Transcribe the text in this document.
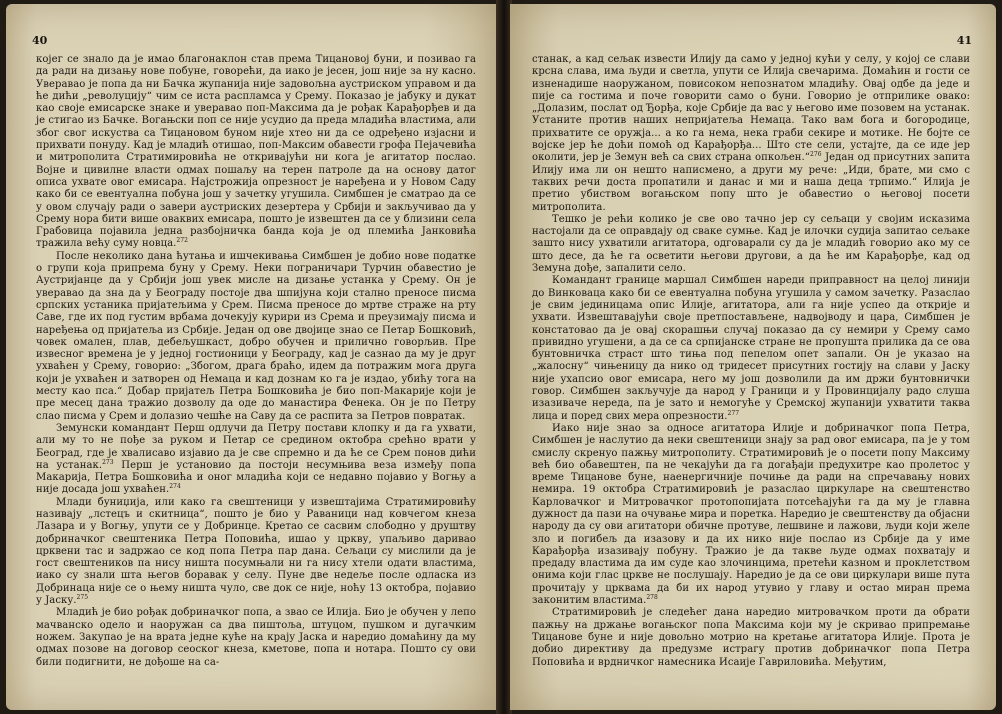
40

којег се знало да је имао благонаклон став према Тицановој буни, и позивао га да ради на дизању нове побуне, говорећи, да иако је јесен, још није за ну касно. Уверавао је попа да ни Бачка жупанија није задовољна аустриском управом и да ће дићи „револуцију“ чим се иста распламса у Срему. Показао је јабуку и дукат као своје емисарске знаке и уверавао поп-Максима да је рођак Карађорђев и да је стигао из Бачке. Вогањски поп се није усудио да преда младића властима, али због свог искуства са Тицановом буном није хтео ни да се одређено изјасни и прихвати понуду. Кад је младић отишао, поп-Максим обавести грофа Пејачевића и митрополита Стратимировића не откривајући ни кога је агитатор послао. Војне и цивилне власти одмах пошаљу на терен патроле да на основу датог описа ухвате овог емисара. Најстрожија опрезност је наређена и у Новом Саду како би се евентуална побуна још у зачетку угушила. Симбшен је сматрао да се у овом случају ради о завери аустриских дезертера у Србији и закључивао да у Срему нора бити више оваквих емисара, пошто је извештен да се у близини села Грабовица појавила једна разбојничка банда која је од племића Јанковића тражила већу суму новца.$^{272}$

После неколико дана ћутања и ишчекивања Симбшен је добио нове податке о групи која припрема буну у Срему. Неки пограничари Турчин обавестио је Аустријанце да у Србији још увек мисле на дизање устанка у Срему. Он је уверавао да зна да у Београду постоје два шпијуна који стално преносе писма српских устаника пријатељима у Срем. Писма преносе до мртве страже на рту Саве, где их под густим врбама дочекују курири из Срема и преузимају писма и наређења од пријатеља из Србије. Један од ове двојице знао се Петар Бошковић, човек омален, плав, дебељушкаст, добро обучен и прилично говорљив. Пре извесног времена је у једној гостионици у Београду, кад је сазнао да му је друг ухваћен у Срему, говорио: „Збогом, драга браћо, идем да потражим мога друга који је ухваћен и затворен од Немаца и кад дознам ко га је издао, убићу тога на месту као пса.“ Добар пријатељ Петра Бошковића је био поп-Макарије који је пре месец дана тражио дозволу да оде до манастира Фенека. Он је по Петру слао писма у Срем и долазио чешће на Саву да се распита за Петров повратак.

Земунски командант Перш одлучи да Петру постави клопку и да га ухвати, али му то не пође за руком и Петар се средином октобра срећно врати у Београд, где је хвалисаво изјавио да је све спремно и да ће се Срем понов дићи на устанак.$^{273}$ Перш је установио да постоји несумњива веза између попа Макарија, Петра Бошковића и оног младића који се недавно појавио у Вогњу а није досада још ухваћен.$^{274}$

Млади буниџија, или како га свештеници у извештајима Стратимировићу називају „лстецъ и скитница“, пошто је био у Раваници над ковчегом кнеза Лазара и у Вогњу, упути се у Добринце. Кретао се сасвим слободно у друштву добриначког свештеника Петра Поповића, ишао у цркву, упаљиво даривао црквени тас и задржао се код попа Петра пар дана. Сељаци су мислили да је гост свештеников па нису ништа посумњали ни га нису хтели одати властима, иако су знали шта његов боравак у селу. Пуне две недеље после одласка из Добринаца није се о њему ништа чуло, све док се није, ноћу 13 октобра, појавио у Јаску.$^{275}$

Младић је био рођак добриначког попа, а звао се Илија. Био је обучен у лепо мачванско одело и наоружан са два пиштоља, штуцом, пушком и дугачким ножем. Закупао је на врата једне куће на крају Јаска и наредио домаћину да му одмах позове на договор сеоског кнеза, кметове, попа и нотара. Пошто су ови били подигнити, не дођоше на са-

41

станак, а кад сељак извести Илију да само у једној кући у селу, у којој се слави крсна слава, има људи и светла, упути се Илија свечарима. Домаћин и гости се изненадише наоружаном, повисоком непознатом младићу. Овај одбе да једе и пије са гостима и поче говорити само о буни. Говорио је отприлике овако: „Долазим, послат од Ђорђа, које Србије да вас у његово име позовем на устанак. Устаните против наших непријатеља Немаца. Тако вам бога и богородице, прихватите се оружја... а ко га нема, нека граби секире и мотике. Не бојте се војске јер ће доћи помоћ од Карађорђа... Што сте сели, устајте, да се иде јер околити, јер је Земун већ са свих страна опкољен.“$^{276}$ Један од присутних запита Илију има ли он нешто написмено, а други му рече: „Иди, брате, ми смо с таквих речи доста пропатили и данас и ми и наша деца трпимо.“ Илија је претио убиством вогањском попу што је обавестио о његовој посети митрополита.

Тешко је рећи колико је све ово тачно јер су сељаци у својим исказима настојали да се оправдају од сваке сумње. Кад је илочки судија запитао сељаке зашто нису ухватили агитатора, одговарали су да је младић говорио ако му се што десе, да ће га осветити његови другови, а да ће им Карађорђе, кад од Земуна дође, запалити село.

Командант границе маршал Симбшен нареди приправност на целој линији до Винковаца како би се евентуална побуна угушила у самом зачетку. Разаслао је свим јединицама опис Илије, агитатора, али га није успео да открије и ухвати. Извештавајући своје претпостављене, надвојводу и цара, Симбшен је констатовао да је овај скорашњи случај показао да су немири у Срему само привидно угушени, а да се са српијанске стране не пропушта прилика да се ова бунтовничка страст што тиња под пепелом опет запали. Он је указао на „жалосну“ чињеницу да нико од тридесет присутних гостију на слави у Јаску није ухапсио овог емисара, него му још дозволили да им држи бунтовнички говор. Симбшен закључује да народ у Граници и у Провинцијалу радо слуша изазиваче нереда, па је зато и немогуће у Сремској жупанији ухватити таква лица и поред свих мера опрезности.$^{277}$

Иако није знао за односе агитатора Илије и добриначког попа Петра, Симбшен је наслутио да неки свештеници знају за рад овог емисара, па је у том смислу скренуо пажњу митрополиту. Стратимировић је о посети попу Максиму већ био обавештен, па не чекајући да га догађаји предухитре као пролетос у време Тицанове буне, наенергичније почиње да ради на спречавању нових немира. 19 октобра Стратимировић је разаслао циркуларе на свештенство Карловачког и Митровачког протопопијата потсећајући га да му је главна дужност да пази на очување мира и поретка. Наредио је свештенству да објасни народу да су ови агитатори обичне протуве, лешвине и лажови, људи који желе зло и погибељ да изазову и да их нико није послао из Србије да у име Карађорђа изазивају побуну. Тражио је да такве људе одмах похватају и предаду властима да им суде као злочинцима, претећи казном и проклетством онима који глас цркве не послушају. Наредио је да се ови циркулари више пута прочитају у црквама да би их народ утувио у главу и остао миран према законитим властима.$^{278}$

Стратимировић је следећег дана наредио митровачком проти да обрати пажњу на држање вогањског попа Максима који му је скривао припремање Тицанове буне и није довољно мотрио на кретање агитатора Илије. Прота је добио директиву да предузме истрагу против добриначког попа Петра Поповића и врдничког намесника Исаије Гавриловића. Међутим,
